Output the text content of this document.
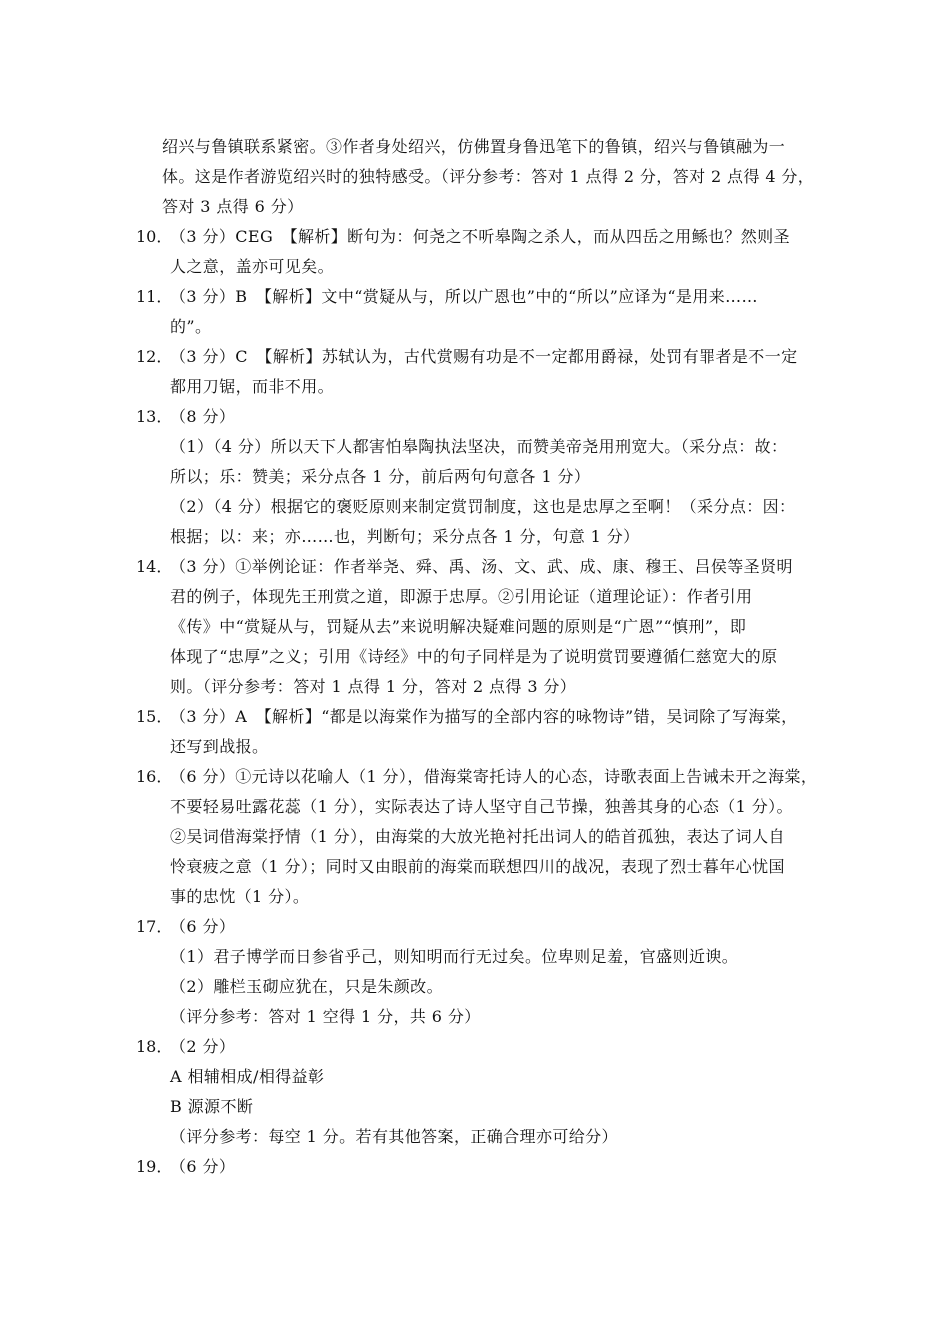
绍兴与鲁镇联系紧密。③作者身处绍兴，仿佛置身鲁迅笔下的鲁镇，绍兴与鲁镇融为一
体。这是作者游览绍兴时的独特感受。（评分参考：答对 1 点得 2 分，答对 2 点得 4 分，
答对 3 点得 6 分）
10．
（3 分）CEG　【解析】断句为：何尧之不听皋陶之杀人，而从四岳之用鲧也？然则圣
人之意，盖亦可见矣。
11．
（3 分）B　【解析】文中“赏疑从与，所以广恩也”中的“所以”应译为“是用来……
的”。
12．
（3 分）C　【解析】苏轼认为，古代赏赐有功是不一定都用爵禄，处罚有罪者是不一定
都用刀锯，而非不用。
13．
（8 分）
（1）（4 分）所以天下人都害怕皋陶执法坚决，而赞美帝尧用刑宽大。（采分点：故：
所以；乐：赞美；采分点各 1 分，前后两句句意各 1 分）
（2）（4 分）根据它的褒贬原则来制定赏罚制度，这也是忠厚之至啊！（采分点：因：
根据；以：来；亦……也，判断句；采分点各 1 分，句意 1 分）
14．
（3 分）①举例论证：作者举尧、舜、禹、汤、文、武、成、康、穆王、吕侯等圣贤明
君的例子，体现先王刑赏之道，即源于忠厚。②引用论证（道理论证）：作者引用
《传》中“赏疑从与，罚疑从去”来说明解决疑难问题的原则是“广恩”“慎刑”，即
体现了“忠厚”之义；引用《诗经》中的句子同样是为了说明赏罚要遵循仁慈宽大的原
则。（评分参考：答对 1 点得 1 分，答对 2 点得 3 分）
15．
（3 分）A　【解析】“都是以海棠作为描写的全部内容的咏物诗”错，吴词除了写海棠，
还写到战报。
16．
（6 分）①元诗以花喻人（1 分），借海棠寄托诗人的心态，诗歌表面上告诫未开之海棠，
不要轻易吐露花蕊（1 分），实际表达了诗人坚守自己节操，独善其身的心态（1 分）。
②吴词借海棠抒情（1 分），由海棠的大放光艳衬托出词人的皓首孤独，表达了词人自
怜衰疲之意（1 分）；同时又由眼前的海棠而联想四川的战况，表现了烈士暮年心忧国
事的忠忱（1 分）。
17．
（6 分）
（1）君子博学而日参省乎己，则知明而行无过矣。位卑则足羞，官盛则近谀。
（2）雕栏玉砌应犹在，只是朱颜改。
（评分参考：答对 1 空得 1 分，共 6 分）
18．
（2 分）
A 相辅相成/相得益彰
B 源源不断
（评分参考：每空 1 分。若有其他答案，正确合理亦可给分）
19．
（6 分）
